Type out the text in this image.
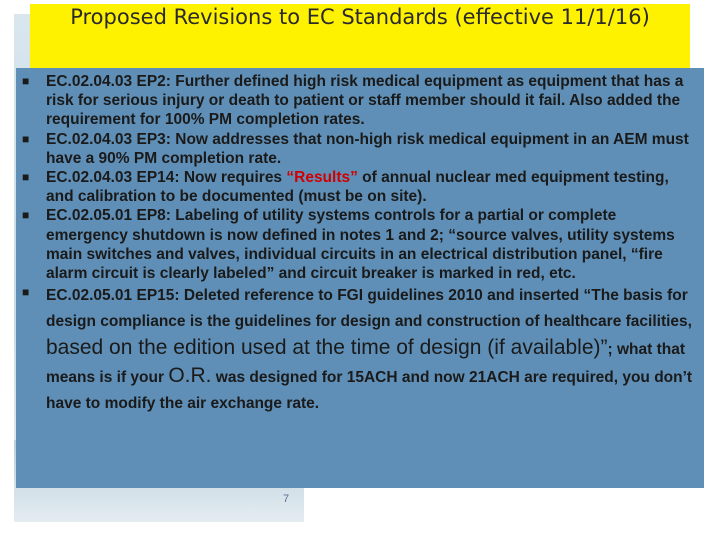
Proposed Revisions to EC Standards (effective 11/1/16)
■ EC.02.04.03 EP2: Further defined high risk medical equipment as equipment that has a risk for serious injury or death to patient or staff member should it fail. Also added the requirement for 100% PM completion rates.
■ EC.02.04.03 EP3: Now addresses that non-high risk medical equipment in an AEM must have a 90% PM completion rate.
■ EC.02.04.03 EP14: Now requires “Results” of annual nuclear med equipment testing, and calibration to be documented (must be on site).
■ EC.02.05.01 EP8: Labeling of utility systems controls for a partial or complete emergency shutdown is now defined in notes 1 and 2; “source valves, utility systems main switches and valves, individual circuits in an electrical distribution panel, “fire alarm circuit is clearly labeled” and circuit breaker is marked in red, etc.
■ EC.02.05.01 EP15: Deleted reference to FGI guidelines 2010 and inserted “The basis for design compliance is the guidelines for design and construction of healthcare facilities, based on the edition used at the time of design (if available)”; what that means is if your O.R. was designed for 15ACH and now 21ACH are required, you don’t have to modify the air exchange rate.
7
